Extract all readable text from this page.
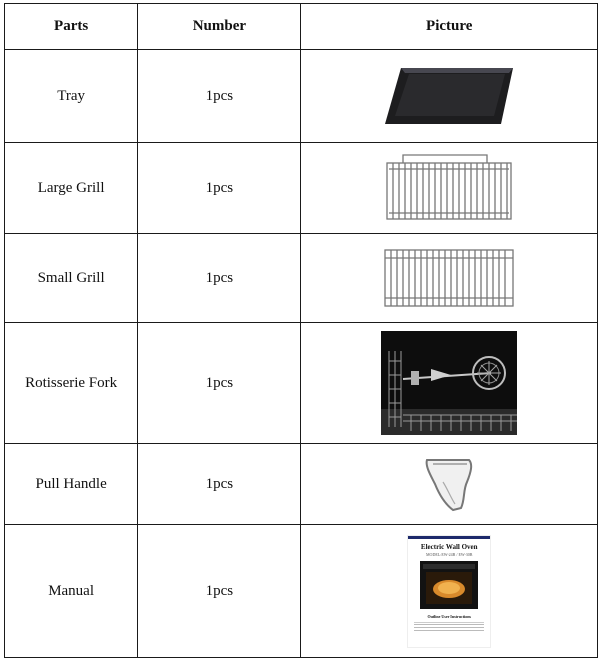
Parts	Number	Picture
Tray	1pcs	

Large Grill	1pcs	

Small Grill	1pcs	

Rotisserie Fork	1pcs	

Pull Handle	1pcs	

Manual	1pcs	Electric Wall Oven
MODEL:EW-24B / EW-30B
Outline User Instructions
